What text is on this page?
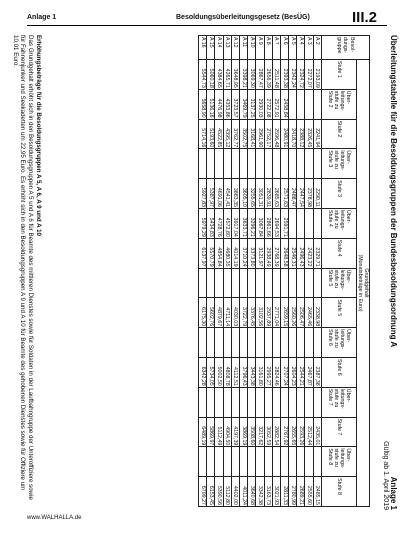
Anlage 1	Besoldungsüberleitungsgesetz (BesÜG)	III.2
Überleitungstabelle für die Besoldungsgruppen der Bundesbesoldungsordnung A
Anlage 1
Gültig ab 1. April 2019
Besol-
dungs-
gruppe	Grundgehalt
(Monatsbeträge in Euro)														
	Stufe 1	Über-
leitungs-
stufe zu
Stufe 2	Stufe 2	Über-
leitungs-
stufe zu
Stufe 3	Stufe 3	Über-
leitungs-
stufe zu
Stufe 4	Stufe 4	Über-
leitungs-
stufe zu
Stufe 5	Stufe 5	Über-
leitungs-
stufe zu
Stufe 6	Stufe 6	Über-
leitungs-
stufe zu
Stufe 7	Stufe 7	Über-
leitungs-
stufe zu
Stufe 8	Stufe 8
A 2	2193,09		2241,94		2290,11		2329,71		2338,98		2387,38		2435,01		2485,15
A 3	2272,07		2326,45		2378,98		2423,22		2465,46		2467,87		2512,44		2555,60
A 4	2324,72		2388,12		2447,54		2496,43		2506,47		2544,21		2593,26		2689,21
A 5	2342,24		2418,70		2488,47		2546,31		2560,26		2604,23		2655,65		2780,99
A 6	2393,38	2458,84	2480,91		2571,63	2591,71	2648,58		2659,15		2707,24		2767,92		2811,33
A 7	2511,48	2572,91	2596,48		2685,63	2694,53	2768,39		2771,04		2824,46		2882,54		3021,93
A 8	2656,39	2722,08	2752,17		2839,91	2861,66	2938,49		2937,89		2995,27		3052,59		3163,73
A 9	2867,47	2930,03	2961,90		3051,31	3067,84	3121,97		3102,56		3161,80		3217,62		3342,38
A 10	3069,30	3137,25	3168,41		3255,65	3296,21	3373,80		3376,45		3443,38		3508,60		3640,68
A 11	3398,21	3469,79	3502,75		3605,10	3633,71	3710,24		3722,79		3796,43		3869,19		4011,24
A 12	3648,95	3723,57	3762,77		3883,35	3917,04	4014,19		4030,03		4112,51		4197,39		4402,00
A 13	4265,71	4353,86	4395,12		4541,41	4572,80	4680,35		4711,14		4808,78		4904,50		5112,80
A 14	4384,65	4476,98	4522,85		4691,06	4728,76	4854,84		4879,67		5002,50		5112,49		5390,56
A 15	5060,18	5136,16	5193,60		5387,97	5434,83	5570,79		5602,76		5734,05		5869,97		6153,45
A 16	5544,73	5658,90	5714,16		5927,83	5979,29	6137,97		6175,30		6342,28		6489,19		6799,27
Erhöhungsbeträge für die Besoldungsgruppen A 5, A 6, A 9 und A 10
Das Grundgehalt erhöht sich in den Besoldungsgruppen A 5 und A 6 für Beamte des mittleren Dienstes sowie für Soldaten in der Laufbahngruppe der Unteroffiziere sowie für Fahnenjunker und Seekadetten um 22,95 Euro. Es erhöht sich in den Besoldungsgruppen A 9 und A 10 für Beamte des gehobenen Dienstes sowie für Offiziere um 10,01 Euro.
www.WALHALLA.de
